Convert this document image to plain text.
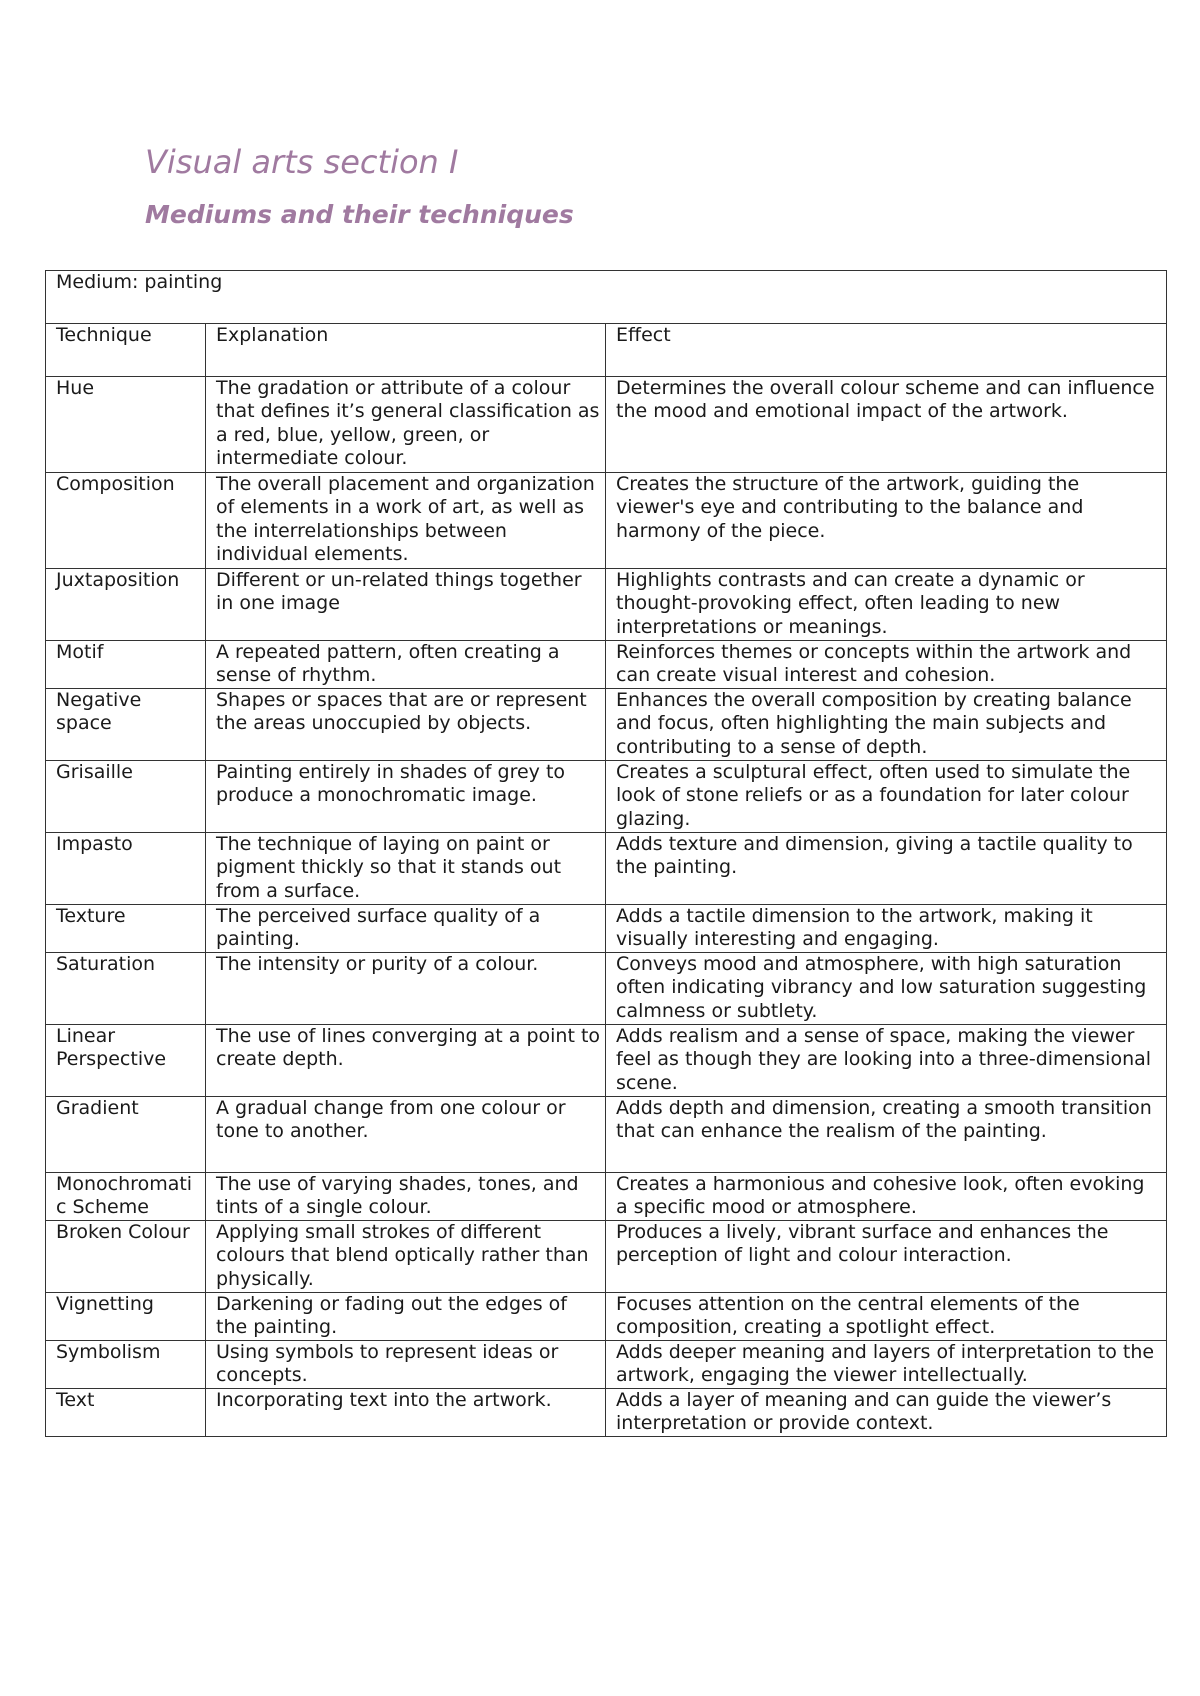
Visual arts section I
Mediums and their techniques
Medium: painting		
Technique	Explanation	Effect
Hue	The gradation or attribute of a colour that defines it’s general classification as a red, blue, yellow, green, or intermediate colour.	Determines the overall colour scheme and can influence the mood and emotional impact of the artwork.
Composition	The overall placement and organization of elements in a work of art, as well as the interrelationships between individual elements.	Creates the structure of the artwork, guiding the viewer's eye and contributing to the balance and harmony of the piece.
Juxtaposition	Different or un-related things together in one image	Highlights contrasts and can create a dynamic or thought-provoking effect, often leading to new interpretations or meanings.
Motif	A repeated pattern, often creating a sense of rhythm.	Reinforces themes or concepts within the artwork and can create visual interest and cohesion.
Negative space	Shapes or spaces that are or represent the areas unoccupied by objects.	Enhances the overall composition by creating balance and focus, often highlighting the main subjects and contributing to a sense of depth.
Grisaille	Painting entirely in shades of grey to produce a monochromatic image.	Creates a sculptural effect, often used to simulate the look of stone reliefs or as a foundation for later colour glazing.
Impasto	The technique of laying on paint or pigment thickly so that it stands out from a surface.	Adds texture and dimension, giving a tactile quality to the painting.
Texture	The perceived surface quality of a painting.	Adds a tactile dimension to the artwork, making it visually interesting and engaging.
Saturation	The intensity or purity of a colour.	Conveys mood and atmosphere, with high saturation often indicating vibrancy and low saturation suggesting calmness or subtlety.
Linear Perspective	The use of lines converging at a point to create depth.	Adds realism and a sense of space, making the viewer feel as though they are looking into a three-dimensional scene.
Gradient	A gradual change from one colour or tone to another.	Adds depth and dimension, creating a smooth transition that can enhance the realism of the painting.
Monochromatic Scheme	The use of varying shades, tones, and tints of a single colour.	Creates a harmonious and cohesive look, often evoking a specific mood or atmosphere.
Broken Colour	Applying small strokes of different colours that blend optically rather than physically.	Produces a lively, vibrant surface and enhances the perception of light and colour interaction.
Vignetting	Darkening or fading out the edges of the painting.	Focuses attention on the central elements of the composition, creating a spotlight effect.
Symbolism	Using symbols to represent ideas or concepts.	Adds deeper meaning and layers of interpretation to the artwork, engaging the viewer intellectually.
Text	Incorporating text into the artwork.	Adds a layer of meaning and can guide the viewer’s interpretation or provide context.
